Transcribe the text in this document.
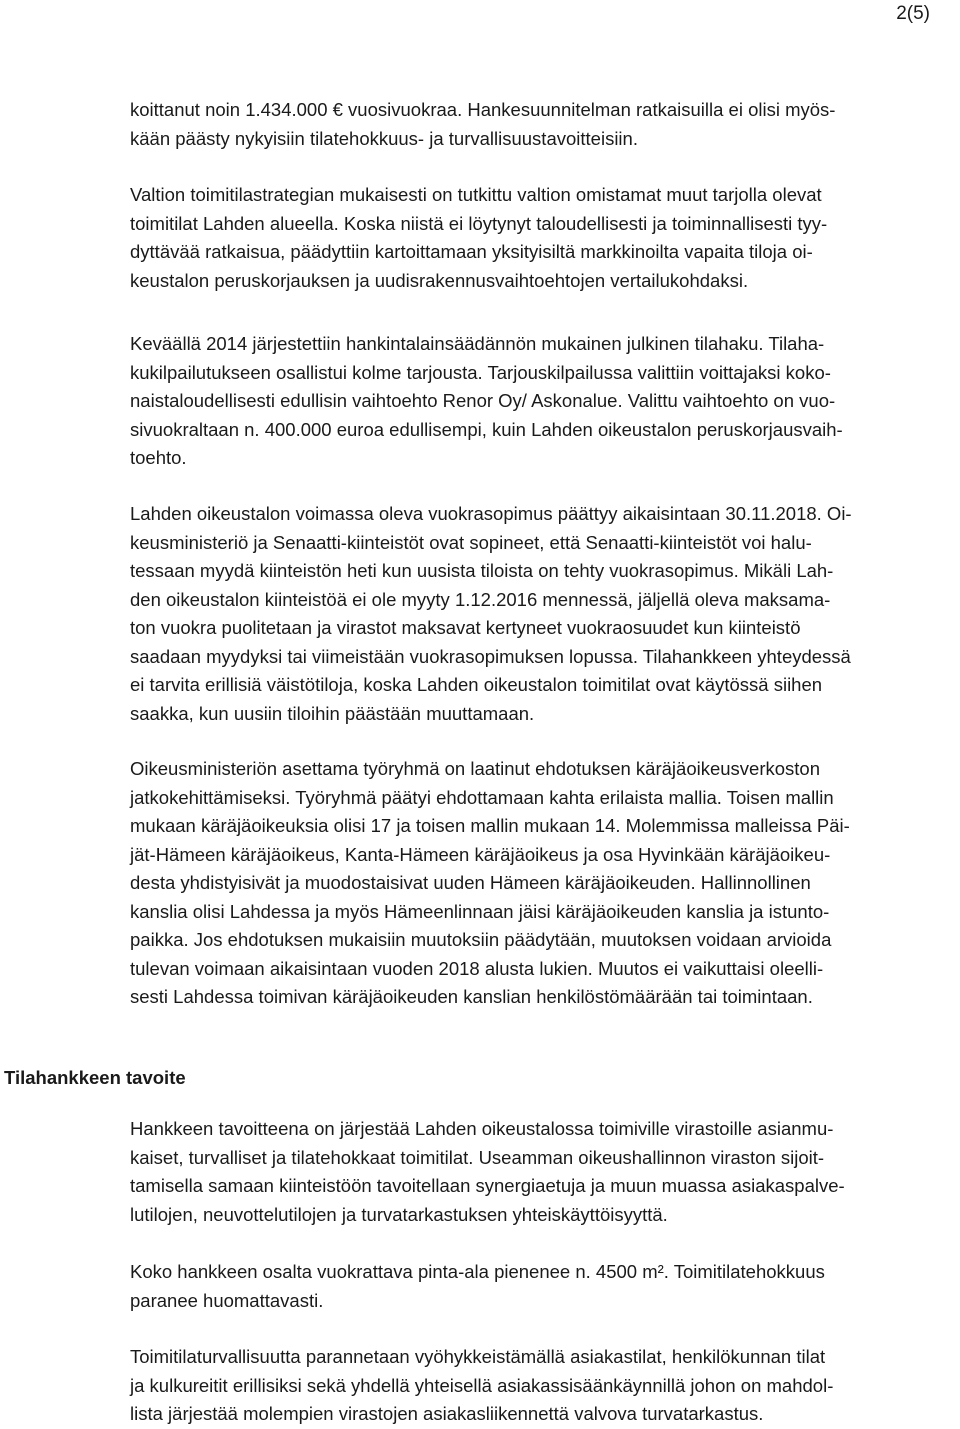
2(5)
koittanut noin 1.434.000 € vuosivuokraa. Hankesuunnitelman ratkaisuilla ei olisi myös-
kään päästy nykyisiin tilatehokkuus- ja turvallisuustavoitteisiin.
Valtion toimitilastrategian mukaisesti on tutkittu valtion omistamat muut tarjolla olevat
toimitilat Lahden alueella. Koska niistä ei löytynyt taloudellisesti ja toiminnallisesti tyy-
dyttävää ratkaisua, päädyttiin kartoittamaan yksityisiltä markkinoilta vapaita tiloja oi-
keustalon peruskorjauksen ja uudisrakennusvaihtoehtojen vertailukohdaksi.
Keväällä 2014 järjestettiin hankintalainsäädännön mukainen julkinen tilahaku. Tilaha-
kukilpailutukseen osallistui kolme tarjousta. Tarjouskilpailussa valittiin voittajaksi koko-
naistaloudellisesti edullisin vaihtoehto Renor Oy/ Askonalue. Valittu vaihtoehto on vuo-
sivuokraltaan n. 400.000 euroa edullisempi, kuin Lahden oikeustalon peruskorjausvaih-
toehto.
Lahden oikeustalon voimassa oleva vuokrasopimus päättyy aikaisintaan 30.11.2018. Oi-
keusministeriö ja Senaatti-kiinteistöt ovat sopineet, että Senaatti-kiinteistöt voi halu-
tessaan myydä kiinteistön heti kun uusista tiloista on tehty vuokrasopimus. Mikäli Lah-
den oikeustalon kiinteistöä ei ole myyty 1.12.2016 mennessä, jäljellä oleva maksama-
ton vuokra puolitetaan ja virastot maksavat kertyneet vuokraosuudet kun kiinteistö
saadaan myydyksi tai viimeistään vuokrasopimuksen lopussa. Tilahankkeen yhteydessä
ei tarvita erillisiä väistötiloja, koska Lahden oikeustalon toimitilat ovat käytössä siihen
saakka, kun uusiin tiloihin päästään muuttamaan.
Oikeusministeriön asettama työryhmä on laatinut ehdotuksen käräjäoikeusverkoston
jatkokehittämiseksi. Työryhmä päätyi ehdottamaan kahta erilaista mallia. Toisen mallin
mukaan käräjäoikeuksia olisi 17 ja toisen mallin mukaan 14. Molemmissa malleissa Päi-
jät-Hämeen käräjäoikeus, Kanta-Hämeen käräjäoikeus ja osa Hyvinkään käräjäoikeu-
desta yhdistyisivät ja muodostaisivat uuden Hämeen käräjäoikeuden. Hallinnollinen
kanslia olisi Lahdessa ja myös Hämeenlinnaan jäisi käräjäoikeuden kanslia ja istunto-
paikka. Jos ehdotuksen mukaisiin muutoksiin päädytään, muutoksen voidaan arvioida
tulevan voimaan aikaisintaan vuoden 2018 alusta lukien. Muutos ei vaikuttaisi oleelli-
sesti Lahdessa toimivan käräjäoikeuden kanslian henkilöstömäärään tai toimintaan.
Tilahankkeen tavoite
Hankkeen tavoitteena on järjestää Lahden oikeustalossa toimiville virastoille asianmu-
kaiset, turvalliset ja tilatehokkaat toimitilat. Useamman oikeushallinnon viraston sijoit-
tamisella samaan kiinteistöön tavoitellaan synergiaetuja ja muun muassa asiakaspalve-
lutilojen, neuvottelutilojen ja turvatarkastuksen yhteiskäyttöisyyttä.
Koko hankkeen osalta vuokrattava pinta-ala pienenee n. 4500 m². Toimitilatehokkuus
paranee huomattavasti.
Toimitilaturvallisuutta parannetaan vyöhykkeistämällä asiakastilat, henkilökunnan tilat
ja kulkureitit erillisiksi sekä yhdellä yhteisellä asiakassisäänkäynnillä johon on mahdol-
lista järjestää molempien virastojen asiakasliikennettä valvova turvatarkastus.
